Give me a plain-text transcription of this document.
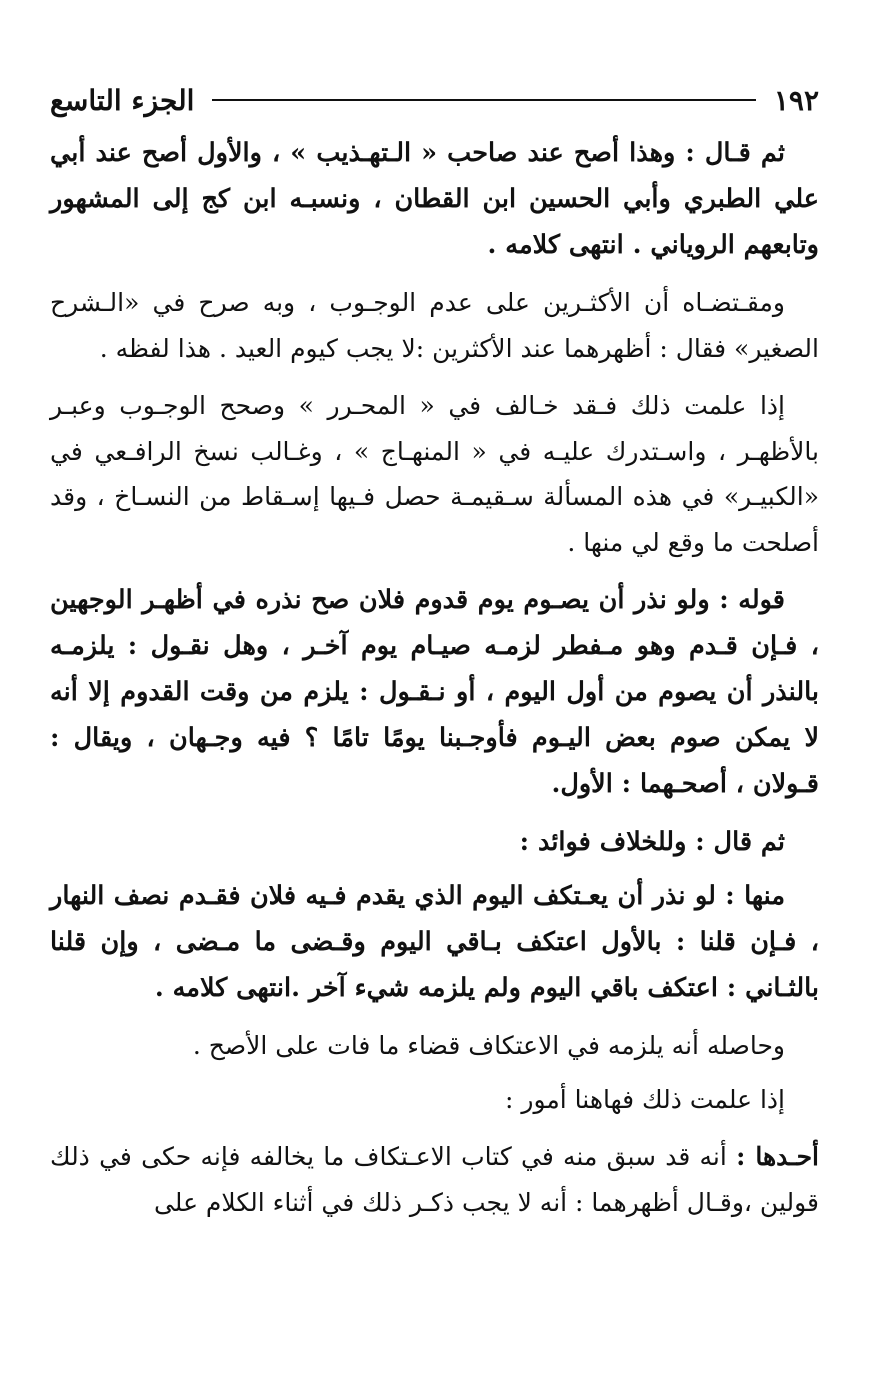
١٩٢
الجزء التاسع

ثم قـال : وهذا أصح عند صاحب « الـتهـذيب » ، والأول أصح عند أبي علي الطبري وأبي الحسين ابن القطان ، ونسبـه ابن كج إلى المشهور وتابعهم الروياني . انتهى كلامه .

ومقـتضـاه أن الأكثـرين على عدم الوجـوب ، وبه صرح في «الـشرح الصغير» فقال : أظهرهما عند الأكثرين :لا يجب كيوم العيد . هذا لفظه .

إذا علمت ذلك فـقد خـالف في « المحـرر » وصحح الوجـوب وعبـر بالأظهـر ، واسـتدرك عليـه في « المنهـاج » ، وغـالب نسخ الرافـعي في «الكبيـر» في هذه المسألة سـقيمـة حصل فـيها إسـقاط من النسـاخ ، وقد أصلحت ما وقع لي منها .

قوله : ولو نذر أن يصـوم يوم قدوم فلان صح نذره في أظهـر الوجهين ، فـإن قـدم وهو مـفطر لزمـه صيـام يوم آخـر ، وهل نقـول : يلزمـه بالنذر أن يصوم من أول اليوم ، أو نـقـول : يلزم من وقت القدوم إلا أنه لا يمكن صوم بعض اليـوم فأوجـبنا يومًا تامًا ؟ فيه وجـهان ، ويقال : قـولان ، أصحـهما : الأول.

ثم قال : وللخلاف فوائد :

منها : لو نذر أن يعـتكف اليوم الذي يقدم فـيه فلان فقـدم نصف النهار ، فـإن قلنا : بالأول اعتكف بـاقي اليوم وقـضى ما مـضى ، وإن قلنا بالثـاني : اعتكف باقي اليوم ولم يلزمه شيء آخر .انتهى كلامه .

وحاصله أنه يلزمه في الاعتكاف قضاء ما فات على الأصح .

إذا علمت ذلك فهاهنا أمور :

أحـدها : أنه قد سبق منه في كتاب الاعـتكاف ما يخالفه فإنه حكى في ذلك قولين ،وقـال أظهرهما : أنه لا يجب ذكـر ذلك في أثناء الكلام على
